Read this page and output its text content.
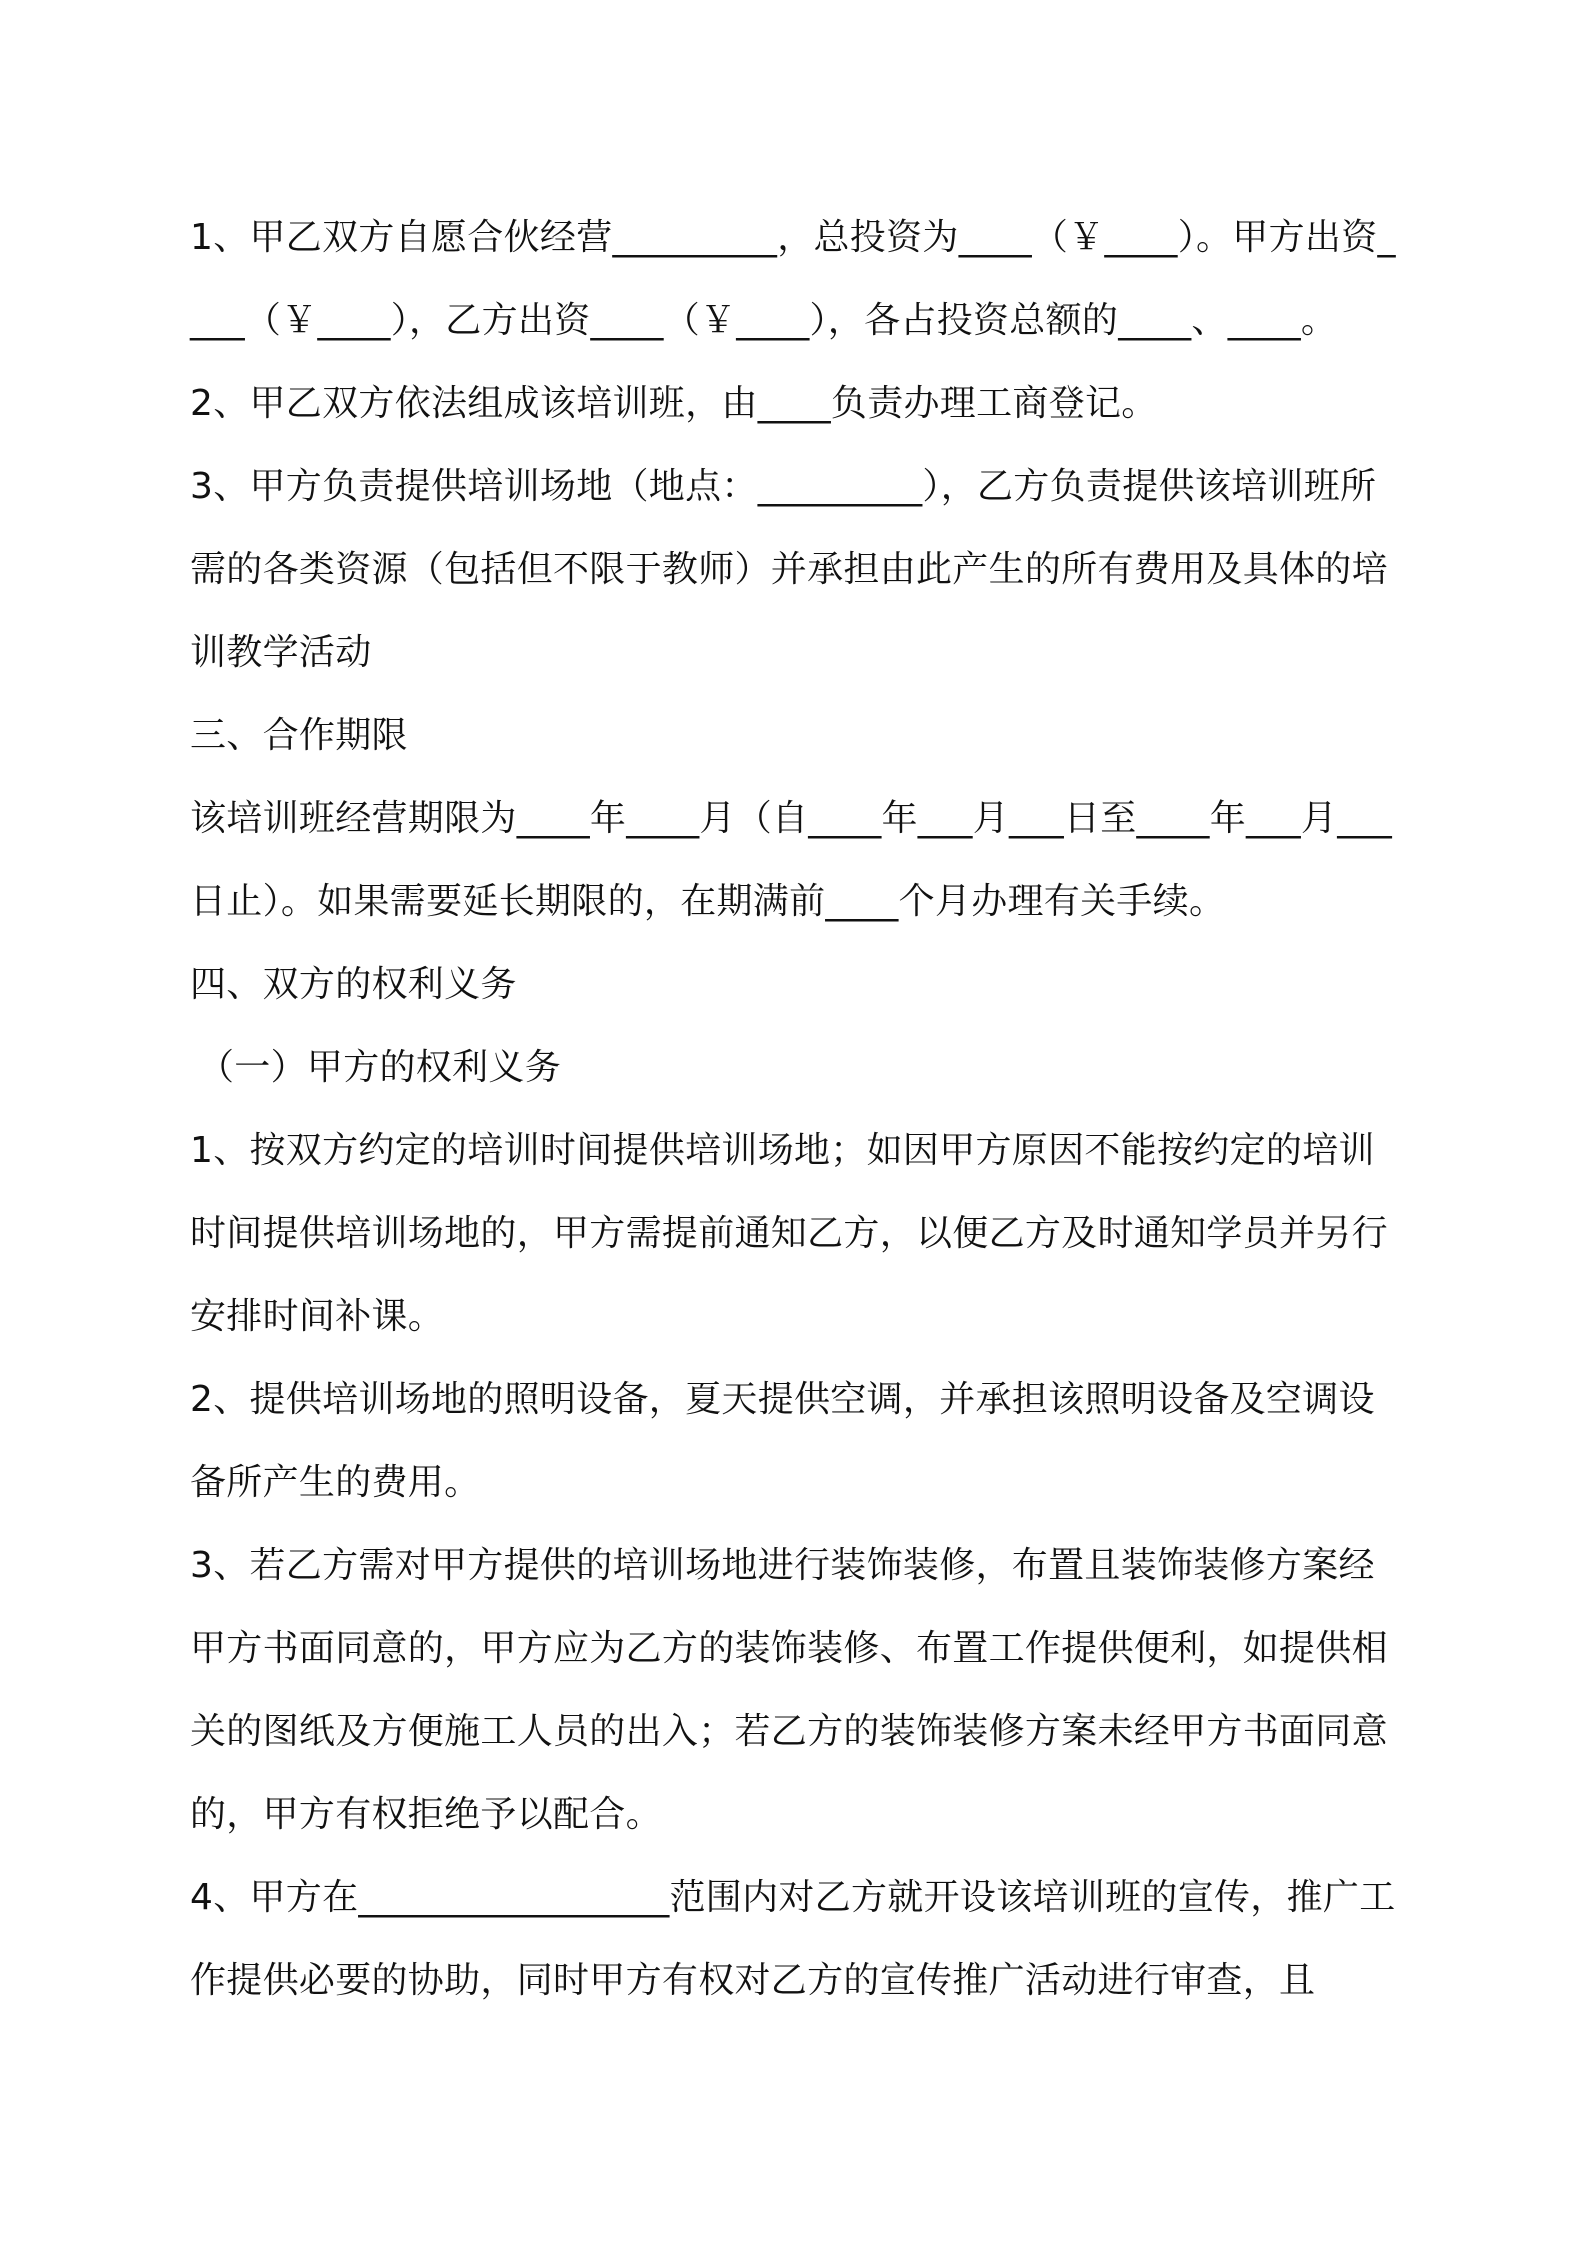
1、甲乙双方自愿合伙经营_________，总投资为____（￥____）。甲方出资____（￥____），乙方出资____（￥____），各占投资总额的____、____。

2、甲乙双方依法组成该培训班，由____负责办理工商登记。

3、甲方负责提供培训场地（地点：_________），乙方负责提供该培训班所需的各类资源（包括但不限于教师）并承担由此产生的所有费用及具体的培训教学活动

三、合作期限

该培训班经营期限为____年____月（自____年___月___日至____年___月___日止）。如果需要延长期限的，在期满前____个月办理有关手续。

四、双方的权利义务

（一）甲方的权利义务

1、按双方约定的培训时间提供培训场地；如因甲方原因不能按约定的培训时间提供培训场地的，甲方需提前通知乙方，以便乙方及时通知学员并另行安排时间补课。

2、提供培训场地的照明设备，夏天提供空调，并承担该照明设备及空调设备所产生的费用。

3、若乙方需对甲方提供的培训场地进行装饰装修，布置且装饰装修方案经甲方书面同意的，甲方应为乙方的装饰装修、布置工作提供便利，如提供相关的图纸及方便施工人员的出入；若乙方的装饰装修方案未经甲方书面同意的，甲方有权拒绝予以配合。

4、甲方在_________________范围内对乙方就开设该培训班的宣传，推广工作提供必要的协助，同时甲方有权对乙方的宣传推广活动进行审查，且
